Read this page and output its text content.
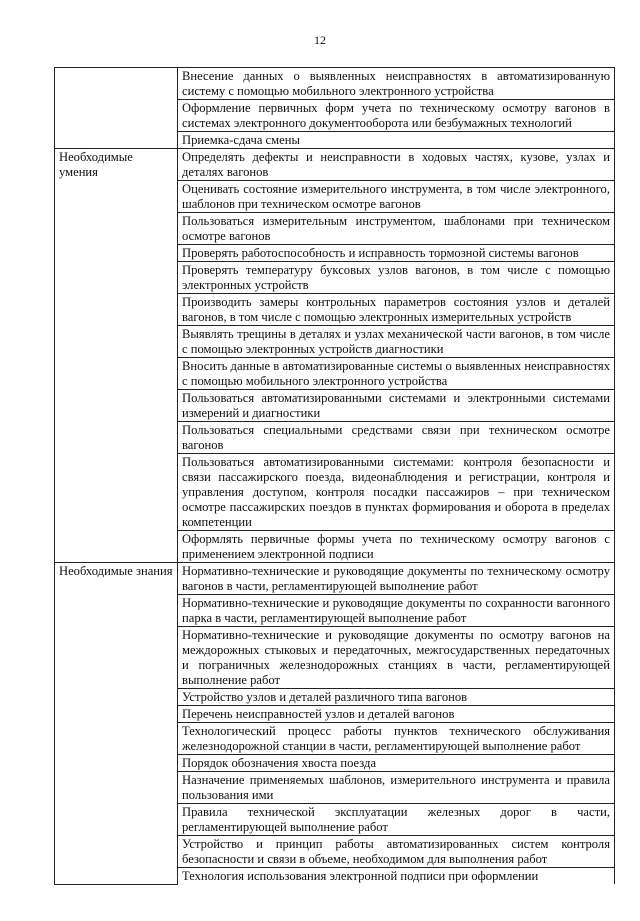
12
	Внесение данных о выявленных неисправностях в автоматизированную систему с помощью мобильного электронного устройства
	Оформление первичных форм учета по техническому осмотру вагонов в системах электронного документооборота или безбумажных технологий
	Приемка-сдача смены
Необходимые умения	Определять дефекты и неисправности в ходовых частях, кузове, узлах и деталях вагонов
	Оценивать состояние измерительного инструмента, в том числе электронного, шаблонов при техническом осмотре вагонов
	Пользоваться измерительным инструментом, шаблонами при техническом осмотре вагонов
	Проверять работоспособность и исправность тормозной системы вагонов
	Проверять температуру буксовых узлов вагонов, в том числе с помощью электронных устройств
	Производить замеры контрольных параметров состояния узлов и деталей вагонов, в том числе с помощью электронных измерительных устройств
	Выявлять трещины в деталях и узлах механической части вагонов, в том числе с помощью электронных устройств диагностики
	Вносить данные в автоматизированные системы о выявленных неисправностях с помощью мобильного электронного устройства
	Пользоваться автоматизированными системами и электронными системами измерений и диагностики
	Пользоваться специальными средствами связи при техническом осмотре вагонов
	Пользоваться автоматизированными системами: контроля безопасности и связи пассажирского поезда, видеонаблюдения и регистрации, контроля и управления доступом, контроля посадки пассажиров – при техническом осмотре пассажирских поездов в пунктах формирования и оборота в пределах компетенции
	Оформлять первичные формы учета по техническому осмотру вагонов с применением электронной подписи
Необходимые знания	Нормативно-технические и руководящие документы по техническому осмотру вагонов в части, регламентирующей выполнение работ
	Нормативно-технические и руководящие документы по сохранности вагонного парка в части, регламентирующей выполнение работ
	Нормативно-технические и руководящие документы по осмотру вагонов на междорожных стыковых и передаточных, межгосударственных передаточных и пограничных железнодорожных станциях в части, регламентирующей выполнение работ
	Устройство узлов и деталей различного типа вагонов
	Перечень неисправностей узлов и деталей вагонов
	Технологический процесс работы пунктов технического обслуживания железнодорожной станции в части, регламентирующей выполнение работ
	Порядок обозначения хвоста поезда
	Назначение применяемых шаблонов, измерительного инструмента и правила пользования ими
	Правила технической эксплуатации железных дорог в части, регламентирующей выполнение работ
	Устройство и принцип работы автоматизированных систем контроля безопасности и связи в объеме, необходимом для выполнения работ
	Технология использования электронной подписи при оформлении
